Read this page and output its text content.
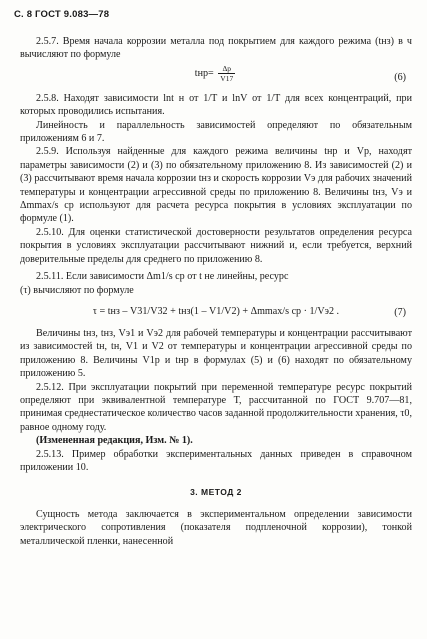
С. 8 ГОСТ 9.083—78

2.5.7. Время начала коррозии металла под покрытием для каждого режима (tнз) в ч вычисляют по формуле

$tнр= \frac{\Delta р}{V17}$	(6)

2.5.8. Находят зависимости lnt н от 1/T и lnV от 1/T для всех концентраций, при которых проводились испытания.

Линейность и параллельность зависимостей определяют по обязательным приложениям 6 и 7.

2.5.9. Используя найденные для каждого режима величины tнр и Vр, находят параметры зависимости (2) и (3) по обязательному приложению 8. Из зависимостей (2) и (3) рассчитывают время начала коррозии tнз и скорость коррозии Vэ для рабочих значений температуры и концентрации агрессивной среды по приложению 8. Величины tнз, Vэ и Δmmax/s ср используют для расчета ресурса покрытия в условиях эксплуатации по формуле (1).

2.5.10. Для оценки статистической достоверности результатов определения ресурса покрытия в условиях эксплуатации рассчитывают нижний и, если требуется, верхний доверительные пределы для среднего по приложению 8.

2.5.11. Если зависимости Δm1/s ср от t не линейны, ресурс

(τ) вычисляют по формуле

τ = tнз – V31/V32 + tнз(1 – V1/V2) + Δmmax/s ср · 1/Vэ2 .	(7)

Величины tнз, tнз, Vэ1 и Vэ2 для рабочей температуры и концентрации рассчитывают из зависимостей tн, tн, V1 и V2 от температуры и концентрации агрессивной среды по приложению 8. Величины V1р и tнр в формулах (5) и (6) находят по обязательному приложению 5.

2.5.12. При эксплуатации покрытий при переменной температуре ресурс покрытий определяют при эквивалентной температуре T, рассчитанной по ГОСТ 9.707—81, принимая среднестатическое количество часов заданной продолжительности хранения, τ0, равное одному году.

(Измененная редакция, Изм. № 1).

2.5.13. Пример обработки экспериментальных данных приведен в справочном приложении 10.

3. МЕТОД 2

Сущность метода заключается в экспериментальном определении зависимости электрического сопротивления (показателя подпленочной коррозии), тонкой металлической пленки, нанесенной
